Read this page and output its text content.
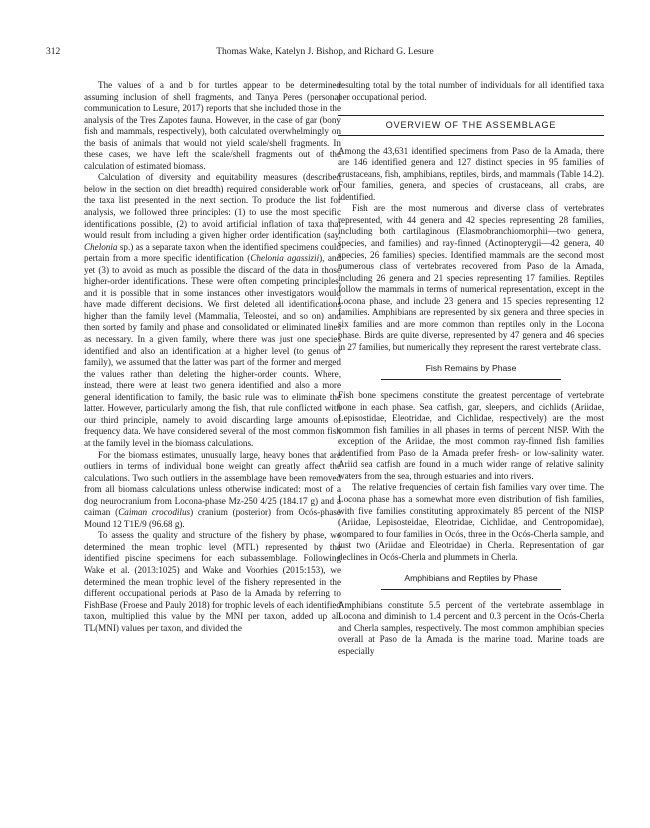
312	Thomas Wake, Katelyn J. Bishop, and Richard G. Lesure

The values of a and b for turtles appear to be determined assuming inclusion of shell fragments, and Tanya Peres (personal communication to Lesure, 2017) reports that she included those in the analysis of the Tres Zapotes fauna. However, in the case of gar (bony fish and mammals, respectively), both calculated overwhelmingly on the basis of animals that would not yield scale/shell fragments. In these cases, we have left the scale/shell fragments out of the calculation of estimated biomass.

Calculation of diversity and equitability measures (described below in the section on diet breadth) required considerable work on the taxa list presented in the next section. To produce the list for analysis, we followed three principles: (1) to use the most specific identifications possible, (2) to avoid artificial inflation of taxa that would result from including a given higher order identification (say, Chelonia sp.) as a separate taxon when the identified specimens could pertain from a more specific identification (Chelonia agassizii), and yet (3) to avoid as much as possible the discard of the data in those higher-order identifications. These were often competing principles, and it is possible that in some instances other investigators would have made different decisions. We first deleted all identifications higher than the family level (Mammalia, Teleostei, and so on) and then sorted by family and phase and consolidated or eliminated lines as necessary. In a given family, where there was just one species identified and also an identification at a higher level (to genus or family), we assumed that the latter was part of the former and merged the values rather than deleting the higher-order counts. Where, instead, there were at least two genera identified and also a more general identification to family, the basic rule was to eliminate the latter. However, particularly among the fish, that rule conflicted with our third principle, namely to avoid discarding large amounts of frequency data. We have considered several of the most common fish at the family level in the biomass calculations.

For the biomass estimates, unusually large, heavy bones that are outliers in terms of individual bone weight can greatly affect the calculations. Two such outliers in the assemblage have been removed from all biomass calculations unless otherwise indicated: most of a dog neurocranium from Locona-phase Mz-250 4/25 (184.17 g) and a caiman (Caiman crocodilus) cranium (posterior) from Ocós-phase Mound 12 T1E/9 (96.68 g).

To assess the quality and structure of the fishery by phase, we determined the mean trophic level (MTL) represented by the identified piscine specimens for each subassemblage. Following Wake et al. (2013:1025) and Wake and Voorhies (2015:153), we determined the mean trophic level of the fishery represented in the different occupational periods at Paso de la Amada by referring to FishBase (Froese and Pauly 2018) for trophic levels of each identified taxon, multiplied this value by the MNI per taxon, added up all TL(MNI) values per taxon, and divided the

resulting total by the total number of individuals for all identified taxa per occupational period.

OVERVIEW OF THE ASSEMBLAGE

Among the 43,631 identified specimens from Paso de la Amada, there are 146 identified genera and 127 distinct species in 95 families of crustaceans, fish, amphibians, reptiles, birds, and mammals (Table 14.2). Four families, genera, and species of crustaceans, all crabs, are identified.

Fish are the most numerous and diverse class of vertebrates represented, with 44 genera and 42 species representing 28 families, including both cartilaginous (Elasmobranchiomorphii—two genera, species, and families) and ray-finned (Actinopterygii—42 genera, 40 species, 26 families) species. Identified mammals are the second most numerous class of vertebrates recovered from Paso de la Amada, including 26 genera and 21 species representing 17 families. Reptiles follow the mammals in terms of numerical representation, except in the Locona phase, and include 23 genera and 15 species representing 12 families. Amphibians are represented by six genera and three species in six families and are more common than reptiles only in the Locona phase. Birds are quite diverse, represented by 47 genera and 46 species in 27 families, but numerically they represent the rarest vertebrate class.

Fish Remains by Phase

Fish bone specimens constitute the greatest percentage of vertebrate bone in each phase. Sea catfish, gar, sleepers, and cichlids (Ariidae, Lepisostidae, Eleotridae, and Cichlidae, respectively) are the most common fish families in all phases in terms of percent NISP. With the exception of the Ariidae, the most common ray-finned fish families identified from Paso de la Amada prefer fresh- or low-salinity water. Ariid sea catfish are found in a much wider range of relative salinity waters from the sea, through estuaries and into rivers.

The relative frequencies of certain fish families vary over time. The Locona phase has a somewhat more even distribution of fish families, with five families constituting approximately 85 percent of the NISP (Ariidae, Lepisosteidae, Eleotridae, Cichlidae, and Centropomidae), compared to four families in Ocós, three in the Ocós-Cherla sample, and just two (Ariidae and Eleotridae) in Cherla. Representation of gar declines in Ocós-Cherla and plummets in Cherla.

Amphibians and Reptiles by Phase

Amphibians constitute 5.5 percent of the vertebrate assemblage in Locona and diminish to 1.4 percent and 0.3 percent in the Ocós-Cherla and Cherla samples, respectively. The most common amphibian species overall at Paso de la Amada is the marine toad. Marine toads are especially
